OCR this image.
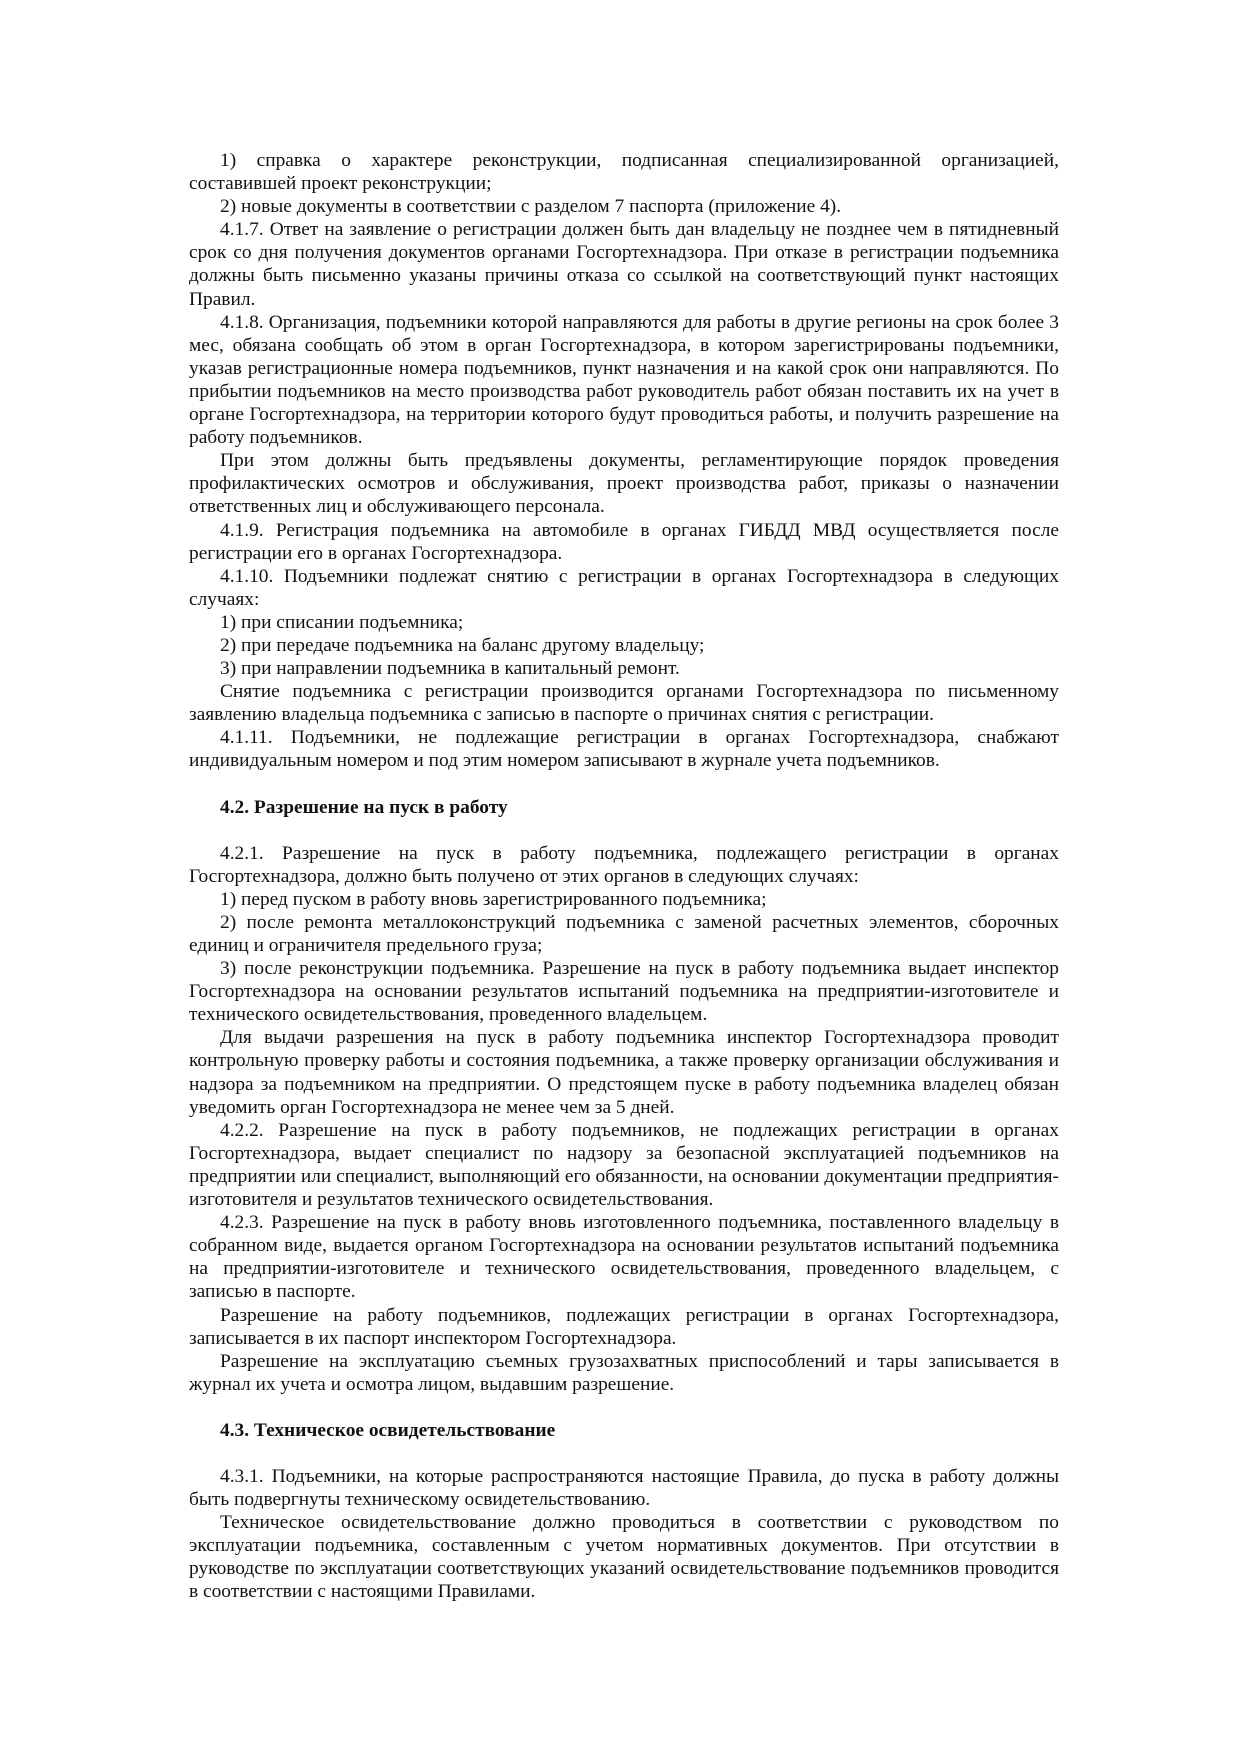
1) справка о характере реконструкции, подписанная специализированной организацией, составившей проект реконструкции;

2) новые документы в соответствии с разделом 7 паспорта (приложение 4).

4.1.7. Ответ на заявление о регистрации должен быть дан владельцу не позднее чем в пятидневный срок со дня получения документов органами Госгортехнадзора. При отказе в регистрации подъемника должны быть письменно указаны причины отказа со ссылкой на соответствующий пункт настоящих Правил.

4.1.8. Организация, подъемники которой направляются для работы в другие регионы на срок более 3 мес, обязана сообщать об этом в орган Госгортехнадзора, в котором зарегистрированы подъемники, указав регистрационные номера подъемников, пункт назначения и на какой срок они направляются. По прибытии подъемников на место производства работ руководитель работ обязан поставить их на учет в органе Госгортехнадзора, на территории которого будут проводиться работы, и получить разрешение на работу подъемников.

При этом должны быть предъявлены документы, регламентирующие порядок проведения профилактических осмотров и обслуживания, проект производства работ, приказы о назначении ответственных лиц и обслуживающего персонала.

4.1.9. Регистрация подъемника на автомобиле в органах ГИБДД МВД осуществляется после регистрации его в органах Госгортехнадзора.

4.1.10. Подъемники подлежат снятию с регистрации в органах Госгортехнадзора в следующих случаях:

1) при списании подъемника;

2) при передаче подъемника на баланс другому владельцу;

3) при направлении подъемника в капитальный ремонт.

Снятие подъемника с регистрации производится органами Госгортехнадзора по письменному заявлению владельца подъемника с записью в паспорте о причинах снятия с регистрации.

4.1.11. Подъемники, не подлежащие регистрации в органах Госгортехнадзора, снабжают индивидуальным номером и под этим номером записывают в журнале учета подъемников.

4.2. Разрешение на пуск в работу

4.2.1. Разрешение на пуск в работу подъемника, подлежащего регистрации в органах Госгортехнадзора, должно быть получено от этих органов в следующих случаях:

1) перед пуском в работу вновь зарегистрированного подъемника;

2) после ремонта металлоконструкций подъемника с заменой расчетных элементов, сборочных единиц и ограничителя предельного груза;

3) после реконструкции подъемника. Разрешение на пуск в работу подъемника выдает инспектор Госгортехнадзора на основании результатов испытаний подъемника на предприятии-изготовителе и технического освидетельствования, проведенного владельцем.

Для выдачи разрешения на пуск в работу подъемника инспектор Госгортехнадзора проводит контрольную проверку работы и состояния подъемника, а также проверку организации обслуживания и надзора за подъемником на предприятии. О предстоящем пуске в работу подъемника владелец обязан уведомить орган Госгортехнадзора не менее чем за 5 дней.

4.2.2. Разрешение на пуск в работу подъемников, не подлежащих регистрации в органах Госгортехнадзора, выдает специалист по надзору за безопасной эксплуатацией подъемников на предприятии или специалист, выполняющий его обязанности, на основании документации предприятия-изготовителя и результатов технического освидетельствования.

4.2.3. Разрешение на пуск в работу вновь изготовленного подъемника, поставленного владельцу в собранном виде, выдается органом Госгортехнадзора на основании результатов испытаний подъемника на предприятии-изготовителе и технического освидетельствования, проведенного владельцем, с записью в паспорте.

Разрешение на работу подъемников, подлежащих регистрации в органах Госгортехнадзора, записывается в их паспорт инспектором Госгортехнадзора.

Разрешение на эксплуатацию съемных грузозахватных приспособлений и тары записывается в журнал их учета и осмотра лицом, выдавшим разрешение.

4.3. Техническое освидетельствование

4.3.1. Подъемники, на которые распространяются настоящие Правила, до пуска в работу должны быть подвергнуты техническому освидетельствованию.

Техническое освидетельствование должно проводиться в соответствии с руководством по эксплуатации подъемника, составленным с учетом нормативных документов. При отсутствии в руководстве по эксплуатации соответствующих указаний освидетельствование подъемников проводится в соответствии с настоящими Правилами.
